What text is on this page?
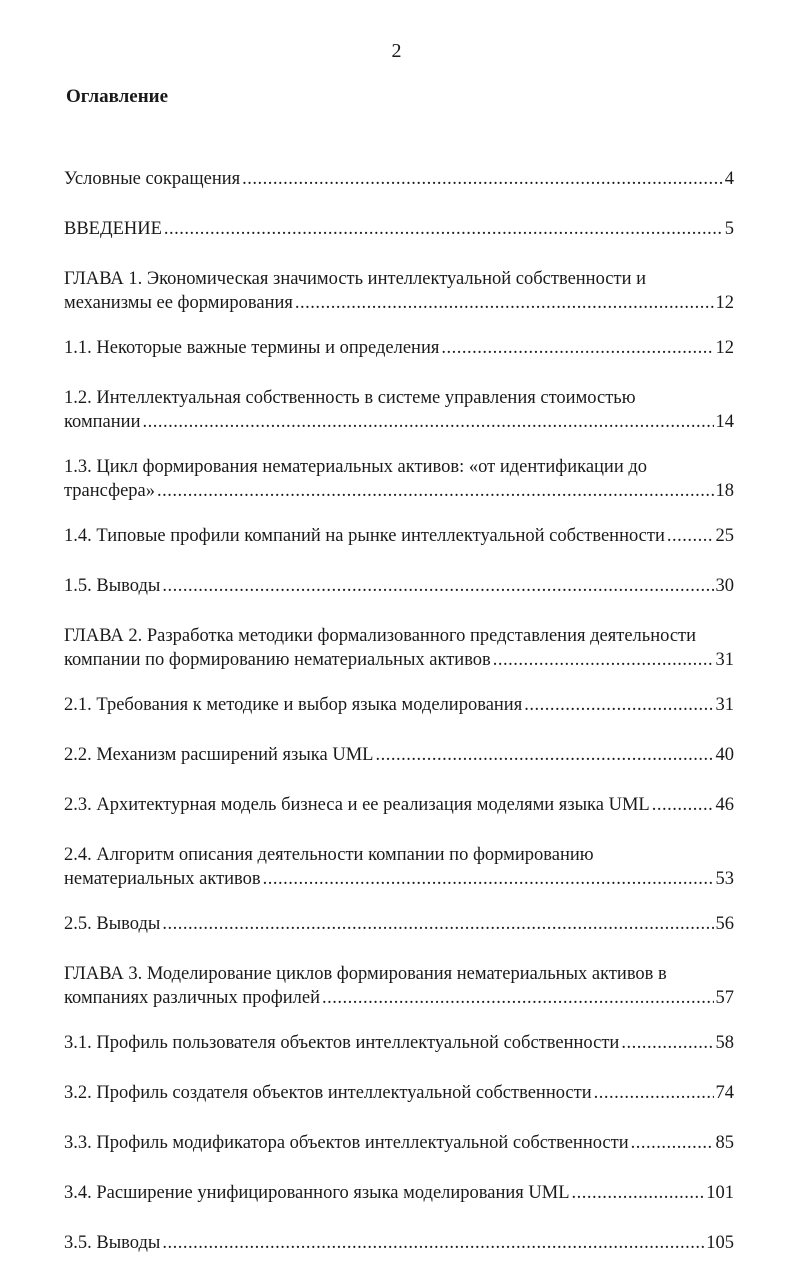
2
Оглавление
Условные сокращения .....	4
ВВЕДЕНИЕ .....	5
ГЛАВА 1. Экономическая значимость интеллектуальной собственности и
механизмы ее формирования .....	12
1.1. Некоторые важные термины и определения .....	12
1.2. Интеллектуальная собственность в системе управления стоимостью
компании .....	14
1.3. Цикл формирования нематериальных активов: «от идентификации до
трансфера» .....	18
1.4. Типовые профили компаний на рынке интеллектуальной собственности .....	25
1.5. Выводы .....	30
ГЛАВА 2. Разработка методики формализованного представления деятельности
компании по формированию нематериальных активов .....	31
2.1. Требования к методике и выбор языка моделирования .....	31
2.2. Механизм расширений языка UML .....	40
2.3. Архитектурная модель бизнеса и ее реализация моделями языка UML .....	46
2.4. Алгоритм описания деятельности компании по формированию
нематериальных активов .....	53
2.5. Выводы .....	56
ГЛАВА 3. Моделирование циклов формирования нематериальных активов в
компаниях различных профилей .....	57
3.1. Профиль пользователя объектов интеллектуальной собственности .....	58
3.2. Профиль создателя объектов интеллектуальной собственности .....	74
3.3. Профиль модификатора объектов интеллектуальной собственности .....	85
3.4. Расширение унифицированного языка моделирования UML .....	101
3.5. Выводы .....	105
